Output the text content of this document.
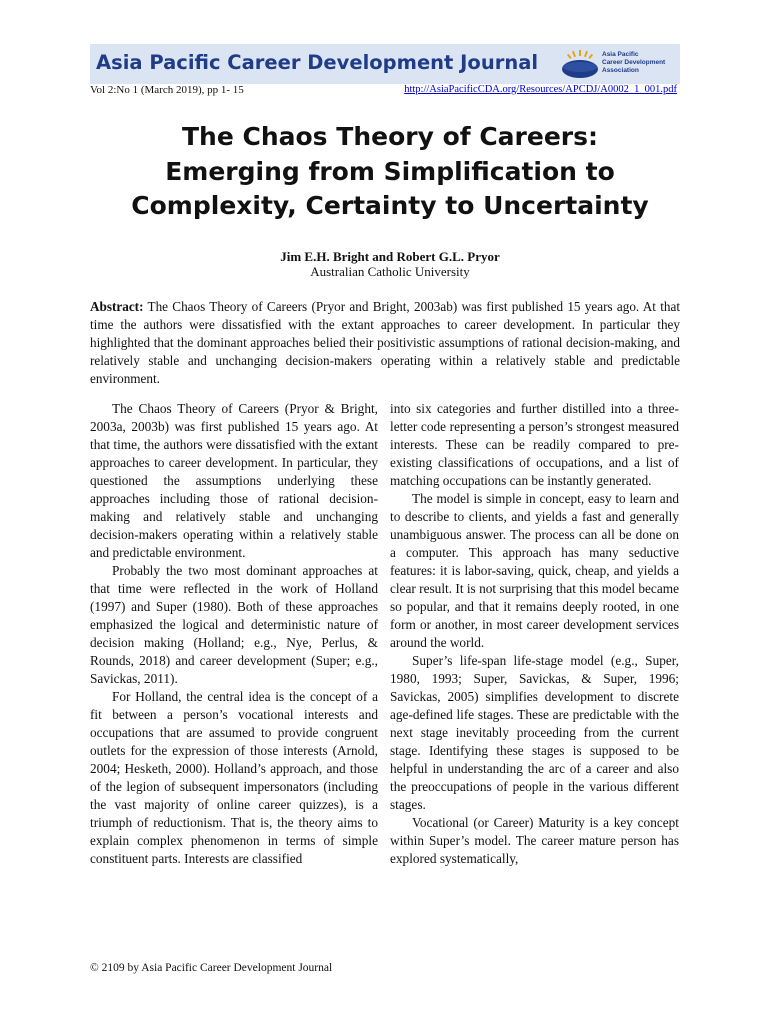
Asia Pacific Career Development Journal	Asia Pacific
Career Development
Association
Vol 2:No 1 (March 2019), pp 1- 15	http://AsiaPacificCDA.org/Resources/APCDJ/A0002_1_001.pdf
The Chaos Theory of Careers:
Emerging from Simplification to
Complexity, Certainty to Uncertainty
Jim E.H. Bright and Robert G.L. Pryor
Australian Catholic University
Abstract: The Chaos Theory of Careers (Pryor and Bright, 2003ab) was first published 15 years ago. At that time the authors were dissatisfied with the extant approaches to career development. In particular they highlighted that the dominant approaches belied their positivistic assumptions of rational decision-making, and relatively stable and unchanging decision-makers operating within a relatively stable and predictable environment.

The Chaos Theory of Careers (Pryor & Bright, 2003a, 2003b) was first published 15 years ago. At that time, the authors were dissatisfied with the extant approaches to career development. In particular, they questioned the assumptions underlying these approaches including those of rational decision-making and relatively stable and unchanging decision-makers operating within a relatively stable and predictable environment.

Probably the two most dominant approaches at that time were reflected in the work of Holland (1997) and Super (1980). Both of these approaches emphasized the logical and deterministic nature of decision making (Holland; e.g., Nye, Perlus, & Rounds, 2018) and career development (Super; e.g., Savickas, 2011).

For Holland, the central idea is the concept of a fit between a person’s vocational interests and occupations that are assumed to provide congruent outlets for the expression of those interests (Arnold, 2004; Hesketh, 2000). Holland’s approach, and those of the legion of subsequent impersonators (including the vast majority of online career quizzes), is a triumph of reductionism. That is, the theory aims to explain complex phenomenon in terms of simple constituent parts. Interests are classified

into six categories and further distilled into a three-letter code representing a person’s strongest measured interests. These can be readily compared to pre-existing classifications of occupations, and a list of matching occupations can be instantly generated.

The model is simple in concept, easy to learn and to describe to clients, and yields a fast and generally unambiguous answer. The process can all be done on a computer. This approach has many seductive features: it is labor-saving, quick, cheap, and yields a clear result. It is not surprising that this model became so popular, and that it remains deeply rooted, in one form or another, in most career development services around the world.

Super’s life-span life-stage model (e.g., Super, 1980, 1993; Super, Savickas, & Super, 1996; Savickas, 2005) simplifies development to discrete age-defined life stages. These are predictable with the next stage inevitably proceeding from the current stage. Identifying these stages is supposed to be helpful in understanding the arc of a career and also the preoccupations of people in the various different stages.

Vocational (or Career) Maturity is a key concept within Super’s model. The career mature person has explored systematically,

© 2109 by Asia Pacific Career Development Journal
